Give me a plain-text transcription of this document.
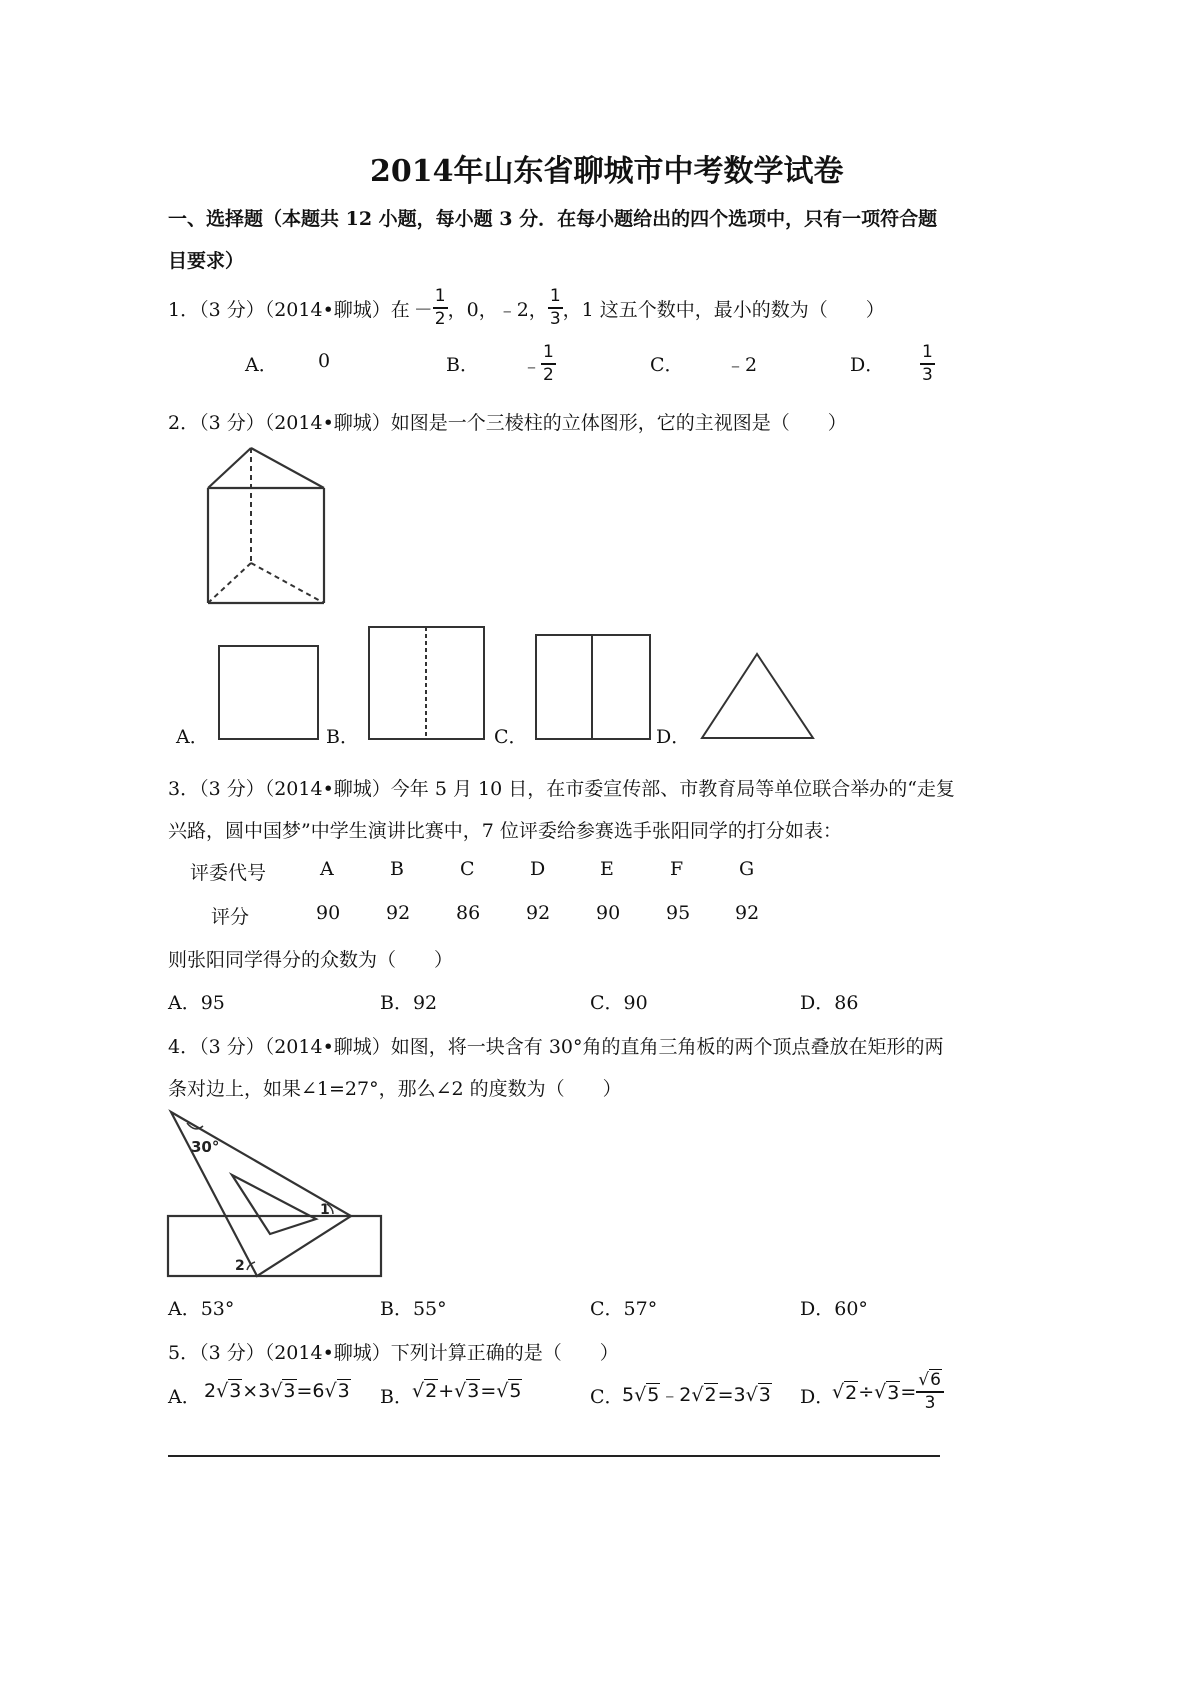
2014年山东省聊城市中考数学试卷
一、选择题（本题共 12 小题，每小题 3 分．在每小题给出的四个选项中，只有一项符合题
目要求）
1．（3 分）（2014•聊城）在 － $\frac{1}{2}$ ，0，﹣2， $\frac{1}{3}$ ，1 这五个数中，最小的数为（　　）
A． 0	B． ﹣ $\frac{1}{2}$	C． ﹣2	D． $\frac{1}{3}$
2．（3 分）（2014•聊城）如图是一个三棱柱的立体图形，它的主视图是（　　）
A．	B．	C．	D．
3．（3 分）（2014•聊城）今年 5 月 10 日，在市委宣传部、市教育局等单位联合举办的“走复
兴路，圆中国梦”中学生演讲比赛中，7 位评委给参赛选手张阳同学的打分如表：
评委代号	A	B	C	D	E	F	G
评分	90 92 86 92 90 95 92
则张阳同学得分的众数为（　　）
A．95	B．92	C．90	D．86
4．（3 分）（2014•聊城）如图，将一块含有 30°角的直角三角板的两个顶点叠放在矩形的两
条对边上，如果∠1=27°，那么∠2 的度数为（　　）
30°
1
2
A．53°	B．55°	C．57°	D．60°
5．（3 分）（2014•聊城）下列计算正确的是（　　）
A． 2√3×3√3=6√3 B． √2+√3=√5	C．
5√5﹣2√2=3√3 D．
√ 2 ÷ √ $3 = \frac{√6}{3}$
